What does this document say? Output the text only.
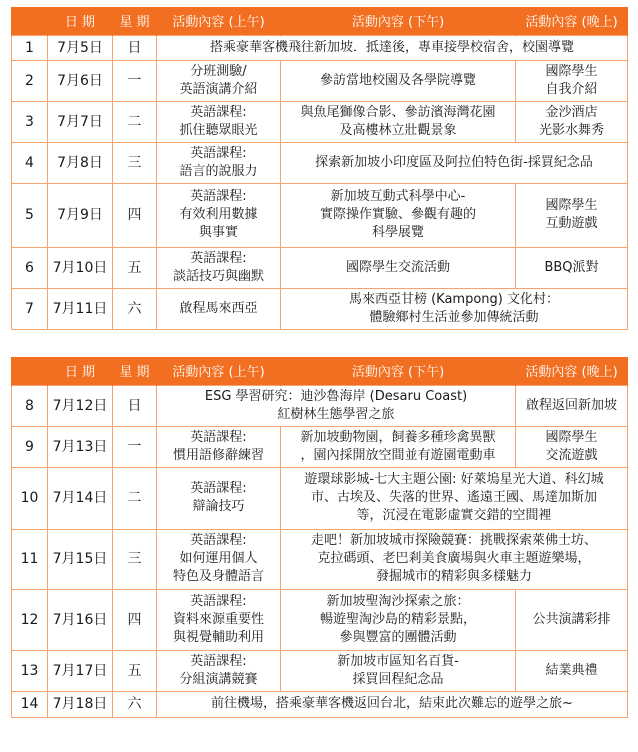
	日 期	星 期	活動內容 (上午)	活動內容 (下午)	活動內容 (晚上)
1	7月5日	日	搭乘豪華客機飛往新加坡．抵達後，專車接學校宿舍，校園導覽		

2	7月6日	一	分班測驗/
英語演講介紹	參訪當地校園及各學院導覽	國際學生
自我介紹

3	7月7日	二	英語課程:
抓住聽眾眼光	與魚尾獅像合影、參訪濱海灣花園
及高樓林立壯觀景象	金沙酒店
光影水舞秀

4	7月8日	三	英語課程:
語言的說服力	探索新加坡小印度區及阿拉伯特色街-採買紀念品	

5	7月9日	四	英語課程:
有效利用數據
與事實	新加坡互動式科學中心-
實際操作實驗、參觀有趣的
科學展覽	國際學生
互動遊戲

6	7月10日	五	英語課程:
談話技巧與幽默	國際學生交流活動	BBQ派對

7	7月11日	六	啟程馬來西亞	馬來西亞甘榜 (Kampong) 文化村：
體驗鄉村生活並參加傳統活動	
	日 期	星 期	活動內容 (上午)	活動內容 (下午)	活動內容 (晚上)
8	7月12日	日	ESG 學習研究：迪沙魯海岸 (Desaru Coast)
紅樹林生態學習之旅		啟程返回新加坡

9	7月13日	一	英語課程:
慣用語修辭練習	新加坡動物園，飼養多種珍禽異獸
，園內採開放空間並有遊園電動車	國際學生
交流遊戲

10	7月14日	二	英語課程:
辯論技巧	遊環球影城-七大主題公園: 好萊塢星光大道、科幻城
市、古埃及、失落的世界、遙遠王國、馬達加斯加
等，沉浸在電影虛實交錯的空間裡	

11	7月15日	三	英語課程:
如何運用個人
特色及身體語言	走吧！新加坡城市探險競賽：挑戰探索萊佛士坊、
克拉碼頭、老巴剎美食廣場與火車主題遊樂場，
發掘城市的精彩與多樣魅力	

12	7月16日	四	英語課程:
資料來源重要性
與視覺輔助利用	新加坡聖淘沙探索之旅：
暢遊聖淘沙島的精彩景點，
參與豐富的團體活動	公共演講彩排

13	7月17日	五	英語課程:
分組演講競賽	新加坡市區知名百貨-
採買回程紀念品	結業典禮

14	7月18日	六	前往機場，搭乘豪華客機返回台北，結束此次難忘的遊學之旅~		
